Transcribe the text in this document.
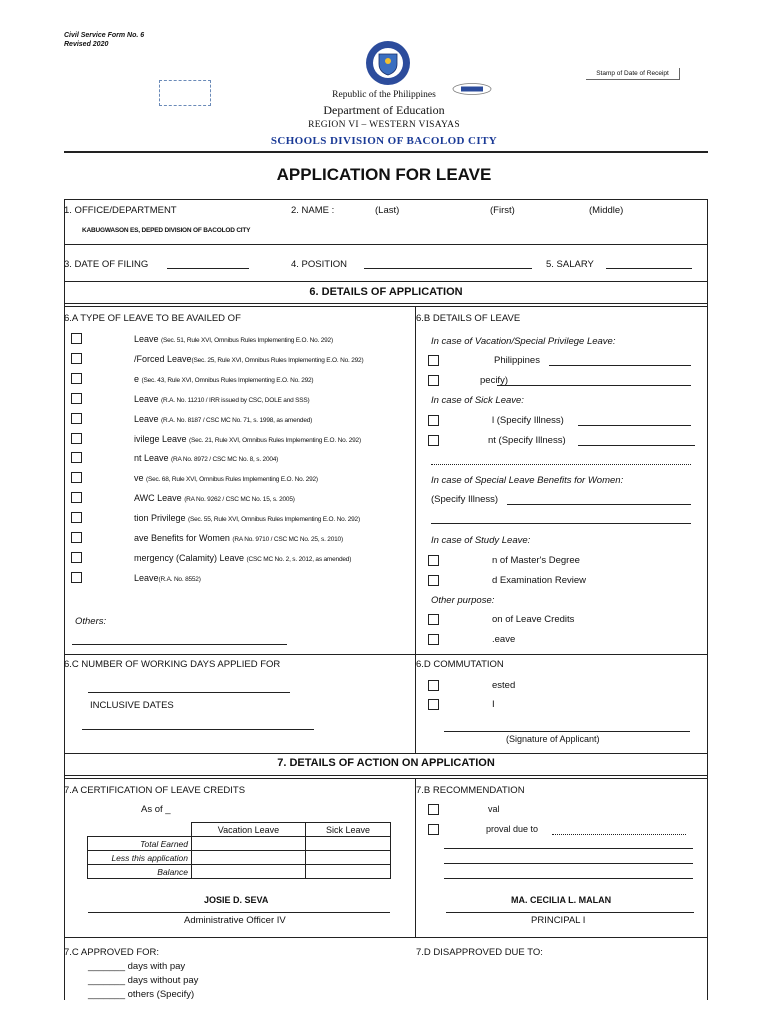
Civil Service Form No. 6
Revised 2020
Stamp of Date of Receipt
Republic of the Philippines
Department of Education
REGION VI – WESTERN VISAYAS
SCHOOLS DIVISION OF BACOLOD CITY
APPLICATION FOR LEAVE
1. OFFICE/DEPARTMENT
KABUGWASON ES, DEPED DIVISION OF BACOLOD CITY
2. NAME :	(Last)	(First)	(Middle)
3. DATE OF FILING	4. POSITION	5. SALARY
6. DETAILS OF APPLICATION
6.A TYPE OF LEAVE TO BE AVAILED OF
Leave (Sec. 51, Rule XVI, Omnibus Rules Implementing E.O. No. 292)
/Forced Leave(Sec. 25, Rule XVI, Omnibus Rules Implementing E.O. No. 292)
e (Sec. 43, Rule XVI, Omnibus Rules Implementing E.O. No. 292)
Leave (R.A. No. 11210 / IRR issued by CSC, DOLE and SSS)
Leave (R.A. No. 8187 / CSC MC No. 71, s. 1998, as amended)
ivilege Leave (Sec. 21, Rule XVI, Omnibus Rules Implementing E.O. No. 292)
nt Leave (RA No. 8972 / CSC MC No. 8, s. 2004)
ve (Sec. 68, Rule XVI, Omnibus Rules Implementing E.O. No. 292)
AWC Leave (RA No. 9262 / CSC MC No. 15, s. 2005)
tion Privilege (Sec. 55, Rule XVI, Omnibus Rules Implementing E.O. No. 292)
ave Benefits for Women (RA No. 9710 / CSC MC No. 25, s. 2010)
mergency (Calamity) Leave (CSC MC No. 2, s. 2012, as amended)
Leave(R.A. No. 8552)
Others:
6.B DETAILS OF LEAVE
In case of Vacation/Special Privilege Leave:
Philippines
pecify)
In case of Sick Leave:
l (Specify Illness)
nt (Specify Illness)
In case of Special Leave Benefits for Women:
(Specify Illness)
In case of Study Leave:
n of Master's Degree
d Examination Review
Other purpose:
on of Leave Credits
.eave
6.C NUMBER OF WORKING DAYS APPLIED FOR
INCLUSIVE DATES
6.D COMMUTATION
ested
I
(Signature of Applicant)
7. DETAILS OF ACTION ON APPLICATION
7.A CERTIFICATION OF LEAVE CREDITS
As of _
	Vacation Leave	Sick Leave
Total Earned		
Less this application		
Balance		
JOSIE D. SEVA
Administrative Officer IV
7.B RECOMMENDATION
val
proval due to
MA. CECILIA L. MALAN
PRINCIPAL I
7.C APPROVED FOR:
_______ days with pay
_______ days without pay
_______ others (Specify)
7.D DISAPPROVED DUE TO:
